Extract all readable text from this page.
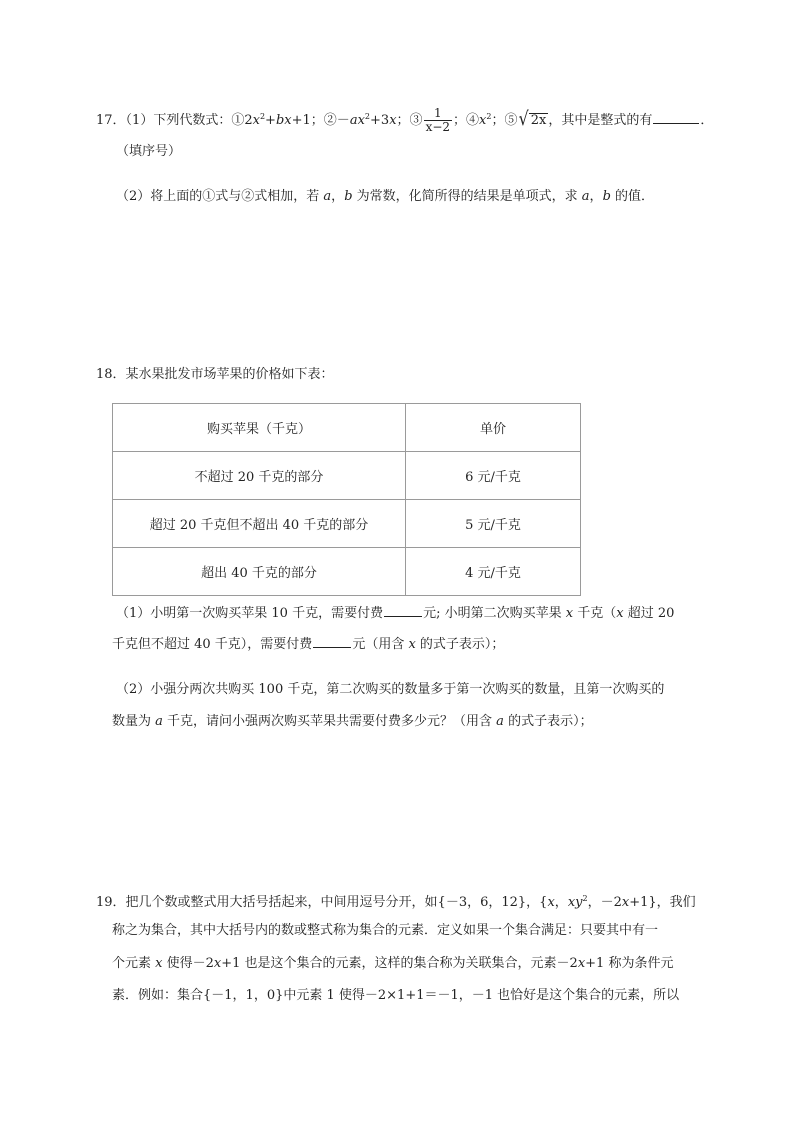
17．（1）下列代数式：$①2x^2+bx+1$；$②-ax^2+3x$；③ $\frac{1}{x-2}$ ；$④x^2$；⑤√ 2x ，其中是整式的有	．
（填序号）
（2）将上面的①式与②式相加，若 a，b 为常数，化简所得的结果是单项式，求 a，b 的值．
18．某水果批发市场苹果的价格如下表：
购买苹果（千克）	单价
不超过 20 千克的部分	6 元/千克
超过 20 千克但不超出 40 千克的部分	5 元/千克
超出 40 千克的部分	4 元/千克
（1）小明第一次购买苹果 10 千克，需要付费	元; 小明第二次购买苹果 x 千克（x 超过 20
千克但不超过 40 千克），需要付费	元（用含 x 的式子表示）；
（2）小强分两次共购买 100 千克，第二次购买的数量多于第一次购买的数量，且第一次购买的
数量为 a 千克，请问小强两次购买苹果共需要付费多少元？（用含 a 的式子表示）；
19．把几个数或整式用大括号括起来，中间用逗号分开，如{－3，6，12}，{x，$xy^2$，－2x+1}，我们
称之为集合，其中大括号内的数或整式称为集合的元素．定义如果一个集合满足：只要其中有一
个元素 x 使得－2x+1 也是这个集合的元素，这样的集合称为关联集合，元素－2x+1 称为条件元
素．例如：集合{－1，1，0}中元素 1 使得－2×1+1＝－1，－1 也恰好是这个集合的元素，所以
